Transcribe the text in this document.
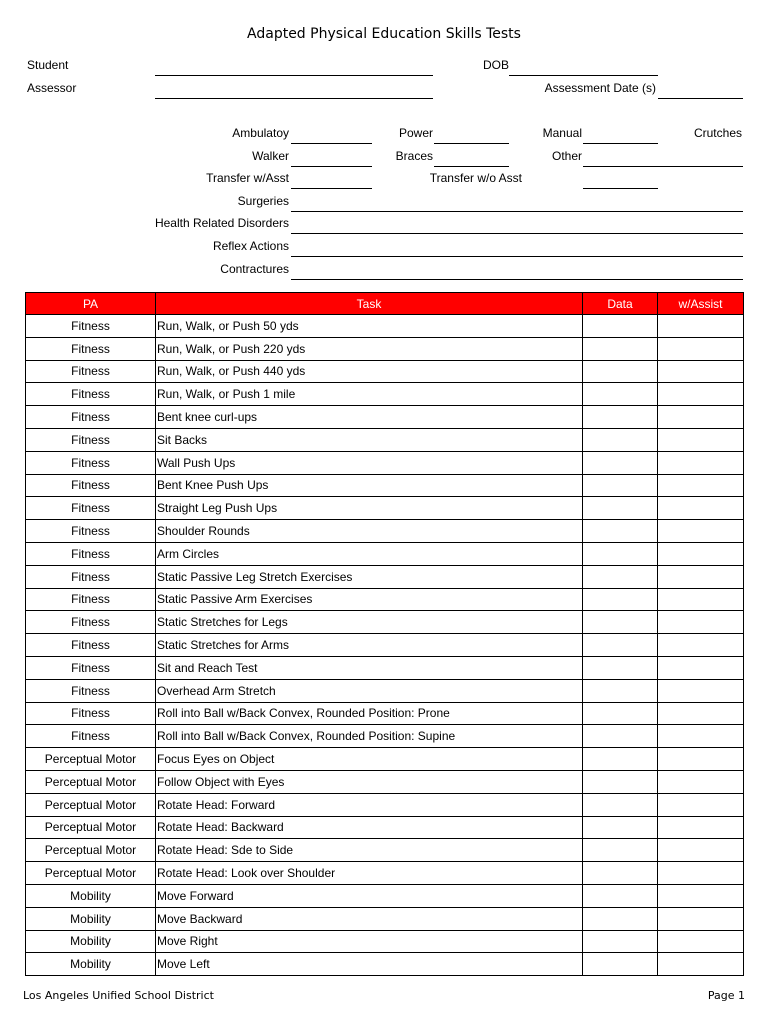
Adapted Physical Education Skills Tests
Student	DOB
Assessor	Assessment Date (s)
Ambulatoy	Power	Manual	Crutches
Walker	Braces	Other
Transfer w/Asst	Transfer w/o Asst
Surgeries
Health Related Disorders
Reflex Actions
Contractures
PA	Task	Data	w/Assist
Fitness	Run, Walk, or Push 50 yds		
Fitness	Run, Walk, or Push 220 yds		
Fitness	Run, Walk, or Push 440 yds		
Fitness	Run, Walk, or Push 1 mile		
Fitness	Bent knee curl-ups		
Fitness	Sit Backs		
Fitness	Wall Push Ups		
Fitness	Bent Knee Push Ups		
Fitness	Straight Leg Push Ups		
Fitness	Shoulder Rounds		
Fitness	Arm Circles		
Fitness	Static Passive Leg Stretch Exercises		
Fitness	Static Passive Arm Exercises		
Fitness	Static Stretches for Legs		
Fitness	Static Stretches for Arms		
Fitness	Sit and Reach Test		
Fitness	Overhead Arm Stretch		
Fitness	Roll into Ball w/Back Convex, Rounded Position: Prone		
Fitness	Roll into Ball w/Back Convex, Rounded Position: Supine		
Perceptual Motor	Focus Eyes on Object		
Perceptual Motor	Follow Object with Eyes		
Perceptual Motor	Rotate Head: Forward		
Perceptual Motor	Rotate Head: Backward		
Perceptual Motor	Rotate Head: Sde to Side		
Perceptual Motor	Rotate Head: Look over Shoulder		
Mobility	Move Forward		
Mobility	Move Backward		
Mobility	Move Right		
Mobility	Move Left		
Los Angeles Unified School District	Page 1
